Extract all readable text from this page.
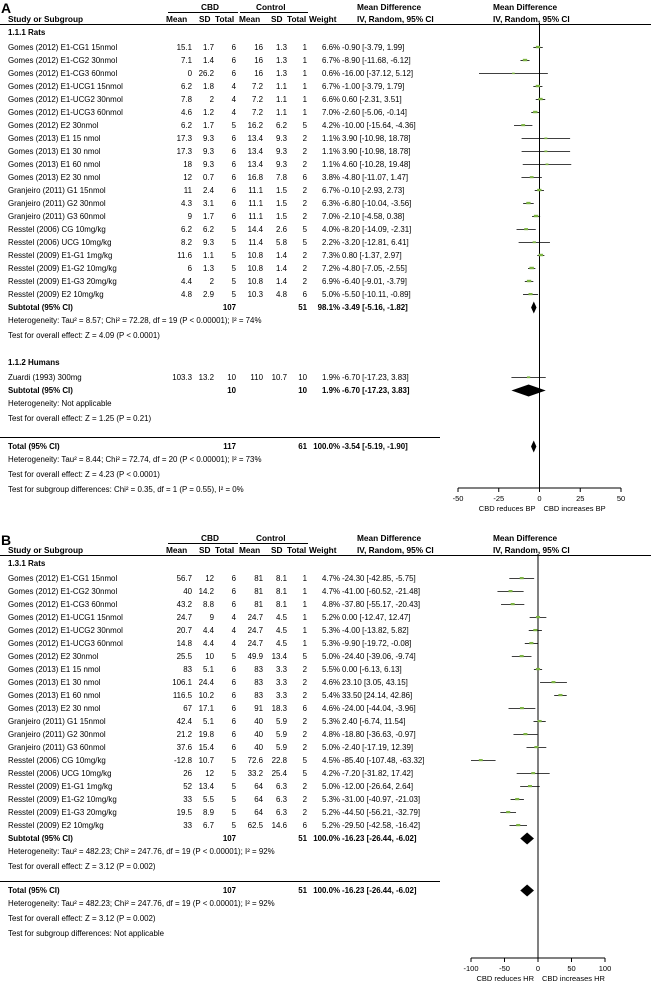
A	CBD	Control	Mean Difference	Mean Difference
Study or Subgroup	Mean SD Total Mean SD Total Weight IV, Random, 95% CI	IV, Random, 95% CI
1.1.1 Rats
Gomes (2012) E1-CG1 15nmol	15.1	1.7	6	16	1.3	1	6.6% -0.90 [-3.79, 1.99]
Gomes (2012) E1-CG2 30nmol	7.1	1.4	6	16	1.3	1	6.7% -8.90 [-11.68, -6.12]
Gomes (2012) E1-CG3 60nmol	0 26.2	6	16	1.3	1	0.6% -16.00 [-37.12, 5.12]
Gomes (2012) E1-UCG1 15nmol	6.2	1.8	4	7.2	1.1	1	6.7% -1.00 [-3.79, 1.79]
Gomes (2012) E1-UCG2 30nmol	7.8	2	4	7.2	1.1	1	6.6% 0.60 [-2.31, 3.51]
Gomes (2012) E1-UCG3 60nmol	4.6	1.2	4	7.2	1.1	1	7.0% -2.60 [-5.06, -0.14]
Gomes (2012) E2 30nmol	6.2	1.7	5	16.2	6.2	5	4.2% -10.00 [-15.64, -4.36]
Gomes (2013) E1 15 nmol	17.3	9.3	6	13.4	9.3	2	1.1% 3.90 [-10.98, 18.78]
Gomes (2013) E1 30 nmol	17.3	9.3	6	13.4	9.3	2	1.1% 3.90 [-10.98, 18.78]
Gomes (2013) E1 60 nmol	18	9.3	6	13.4	9.3	2	1.1% 4.60 [-10.28, 19.48]
Gomes (2013) E2 30 nmol	12	0.7	6	16.8	7.8	6	3.8% -4.80 [-11.07, 1.47]
Granjeiro (2011) G1 15nmol	11	2.4	6	11.1	1.5	2	6.7% -0.10 [-2.93, 2.73]
Granjeiro (2011) G2 30nmol	4.3	3.1	6	11.1	1.5	2	6.3% -6.80 [-10.04, -3.56]
Granjeiro (2011) G3 60nmol	9	1.7	6	11.1	1.5	2	7.0% -2.10 [-4.58, 0.38]
Resstel (2006) CG 10mg/kg	6.2	6.2	5	14.4	2.6	5	4.0% -8.20 [-14.09, -2.31]
Resstel (2006) UCG 10mg/kg	8.2	9.3	5	11.4	5.8	5	2.2% -3.20 [-12.81, 6.41]
Resstel (2009) E1-G1 1mg/kg	11.6	1.1	5	10.8	1.4	2	7.3% 0.80 [-1.37, 2.97]
Resstel (2009) E1-G2 10mg/kg	6	1.3	5	10.8	1.4	2	7.2% -4.80 [-7.05, -2.55]
Resstel (2009) E1-G3 20mg/kg	4.4	2	5	10.8	1.4	2	6.9% -6.40 [-9.01, -3.79]
Resstel (2009) E2 10mg/kg	4.8	2.9	5	10.3	4.8	6	5.0% -5.50 [-10.11, -0.89]
Subtotal (95% CI)	107	51	98.1% -3.49 [-5.16, -1.82]
Heterogeneity: Tau² = 8.57; Chi² = 72.28, df = 19 (P < 0.00001); I² = 74%
Test for overall effect: Z = 4.09 (P < 0.0001)
1.1.2 Humans
Zuardi (1993) 300mg	103.3 13.2	10	110	10.7	10	1.9% -6.70 [-17.23, 3.83]
Subtotal (95% CI)	10	10	1.9% -6.70 [-17.23, 3.83]
Heterogeneity: Not applicable
Test for overall effect: Z = 1.25 (P = 0.21)
Total (95% CI)	117	61 100.0% -3.54 [-5.19, -1.90]
Heterogeneity: Tau² = 8.44; Chi² = 72.74, df = 20 (P < 0.00001); I² = 73%
Test for overall effect: Z = 4.23 (P < 0.0001)
Test for subgroup differences: Chi² = 0.35, df = 1 (P = 0.55), I² = 0%
-50	-25	0	25	50
CBD reduces BP CBD increases BP
B	CBD	Control	Mean Difference	Mean Difference
Study or Subgroup	Mean SD Total Mean SD Total Weight IV, Random, 95% CI	IV, Random, 95% CI
1.3.1 Rats
Gomes (2012) E1-CG1 15nmol	56.7	12	6	81	8.1	1	4.7% -24.30 [-42.85, -5.75]
Gomes (2012) E1-CG2 30nmol	40 14.2	6	81	8.1	1	4.7% -41.00 [-60.52, -21.48]
Gomes (2012) E1-CG3 60nmol	43.2	8.8	6	81	8.1	1	4.8% -37.80 [-55.17, -20.43]
Gomes (2012) E1-UCG1 15nmol	24.7	9	4	24.7	4.5	1	5.2% 0.00 [-12.47, 12.47]
Gomes (2012) E1-UCG2 30nmol	20.7	4.4	4	24.7	4.5	1	5.3% -4.00 [-13.82, 5.82]
Gomes (2012) E1-UCG3 60nmol	14.8	4.4	4	24.7	4.5	1	5.3% -9.90 [-19.72, -0.08]
Gomes (2012) E2 30nmol	25.5	10	5	49.9	13.4	5	5.0% -24.40 [-39.06, -9.74]
Gomes (2013) E1 15 nmol	83	5.1	6	83	3.3	2	5.5% 0.00 [-6.13, 6.13]
Gomes (2013) E1 30 nmol	106.1 24.4	6	83	3.3	2	4.6% 23.10 [3.05, 43.15]
Gomes (2013) E1 60 nmol	116.5 10.2	6	83	3.3	2	5.4% 33.50 [24.14, 42.86]
Gomes (2013) E2 30 nmol	67 17.1	6	91	18.3	6	4.6% -24.00 [-44.04, -3.96]
Granjeiro (2011) G1 15nmol	42.4	5.1	6	40	5.9	2	5.3% 2.40 [-6.74, 11.54]
Granjeiro (2011) G2 30nmol	21.2 19.8	6	40	5.9	2	4.8% -18.80 [-36.63, -0.97]
Granjeiro (2011) G3 60nmol	37.6 15.4	6	40	5.9	2	5.0% -2.40 [-17.19, 12.39]
Resstel (2006) CG 10mg/kg	-12.8 10.7	5	72.6	22.8	5	4.5% -85.40 [-107.48, -63.32]
Resstel (2006) UCG 10mg/kg	26	12	5	33.2	25.4	5	4.2% -7.20 [-31.82, 17.42]
Resstel (2009) E1-G1 1mg/kg	52 13.4	5	64	6.3	2	5.0% -12.00 [-26.64, 2.64]
Resstel (2009) E1-G2 10mg/kg	33	5.5	5	64	6.3	2	5.3% -31.00 [-40.97, -21.03]
Resstel (2009) E1-G3 20mg/kg	19.5	8.9	5	64	6.3	2	5.2% -44.50 [-56.21, -32.79]
Resstel (2009) E2 10mg/kg	33	6.7	5	62.5	14.6	6	5.2% -29.50 [-42.58, -16.42]
Subtotal (95% CI)	107	51 100.0% -16.23 [-26.44, -6.02]
Heterogeneity: Tau² = 482.23; Chi² = 247.76, df = 19 (P < 0.00001); I² = 92%
Test for overall effect: Z = 3.12 (P = 0.002)
Total (95% CI)	107	51 100.0% -16.23 [-26.44, -6.02]
Heterogeneity: Tau² = 482.23; Chi² = 247.76, df = 19 (P < 0.00001); I² = 92%
Test for overall effect: Z = 3.12 (P = 0.002)
Test for subgroup differences: Not applicable
-100	-50	0	50	100
CBD reduces HR CBD increases HR
